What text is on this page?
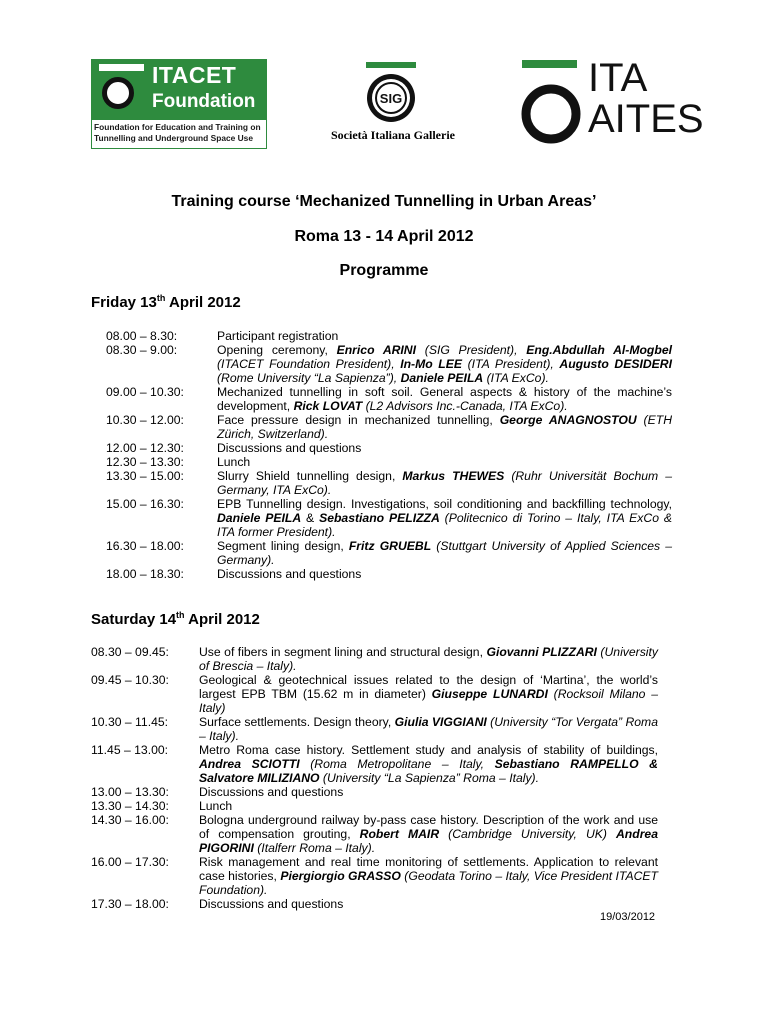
ITACET
Foundation
Foundation for Education and Training on
Tunnelling and Underground Space Use
SIG
Società Italiana Gallerie
ITA
AITES
Training course ‘Mechanized Tunnelling in Urban Areas’
Roma 13 - 14 April 2012
Programme
Friday 13th April 2012
08.00 – 8.30:	Participant registration
08.30 – 9.00:	Opening ceremony, Enrico ARINI (SIG President), Eng.Abdullah Al-Mogbel (ITACET Foundation President), In-Mo LEE (ITA President), Augusto DESIDERI (Rome University “La Sapienza”), Daniele PEILA (ITA ExCo).
09.00 – 10.30:	Mechanized tunnelling in soft soil. General aspects & history of the machine’s development, Rick LOVAT (L2 Advisors Inc.-Canada, ITA ExCo).
10.30 – 12.00:	Face pressure design in mechanized tunnelling, George ANAGNOSTOU (ETH Zürich, Switzerland).
12.00 – 12.30:	Discussions and questions
12.30 – 13.30:	Lunch
13.30 – 15.00:	Slurry Shield tunnelling design, Markus THEWES (Ruhr Universität Bochum – Germany, ITA ExCo).
15.00 – 16.30:	EPB Tunnelling design. Investigations, soil conditioning and backfilling technology, Daniele PEILA & Sebastiano PELIZZA (Politecnico di Torino – Italy, ITA ExCo & ITA former President).
16.30 – 18.00:	Segment lining design, Fritz GRUEBL (Stuttgart University of Applied Sciences – Germany).
18.00 – 18.30:	Discussions and questions
Saturday 14th April 2012
08.30 – 09.45: Use of fibers in segment lining and structural design, Giovanni PLIZZARI (University of Brescia – Italy).
09.45 – 10.30: Geological & geotechnical issues related to the design of ‘Martina’, the world’s largest EPB TBM (15.62 m in diameter) Giuseppe LUNARDI (Rocksoil Milano – Italy)
10.30 – 11.45:	Surface settlements. Design theory, Giulia VIGGIANI (University “Tor Vergata” Roma – Italy).
11.45 – 13.00:	Metro Roma case history. Settlement study and analysis of stability of buildings, Andrea SCIOTTI (Roma Metropolitane – Italy, Sebastiano RAMPELLO & Salvatore MILIZIANO (University “La Sapienza” Roma – Italy).
13.00 – 13.30: Discussions and questions
13.30 – 14.30: Lunch
14.30 – 16.00: Bologna underground railway by-pass case history. Description of the work and use of compensation grouting, Robert MAIR (Cambridge University, UK) Andrea PIGORINI (Italferr Roma – Italy).
16.00 – 17.30: Risk management and real time monitoring of settlements. Application to relevant case histories, Piergiorgio GRASSO (Geodata Torino – Italy, Vice President ITACET Foundation).
17.30 – 18.00: Discussions and questions
19/03/2012
